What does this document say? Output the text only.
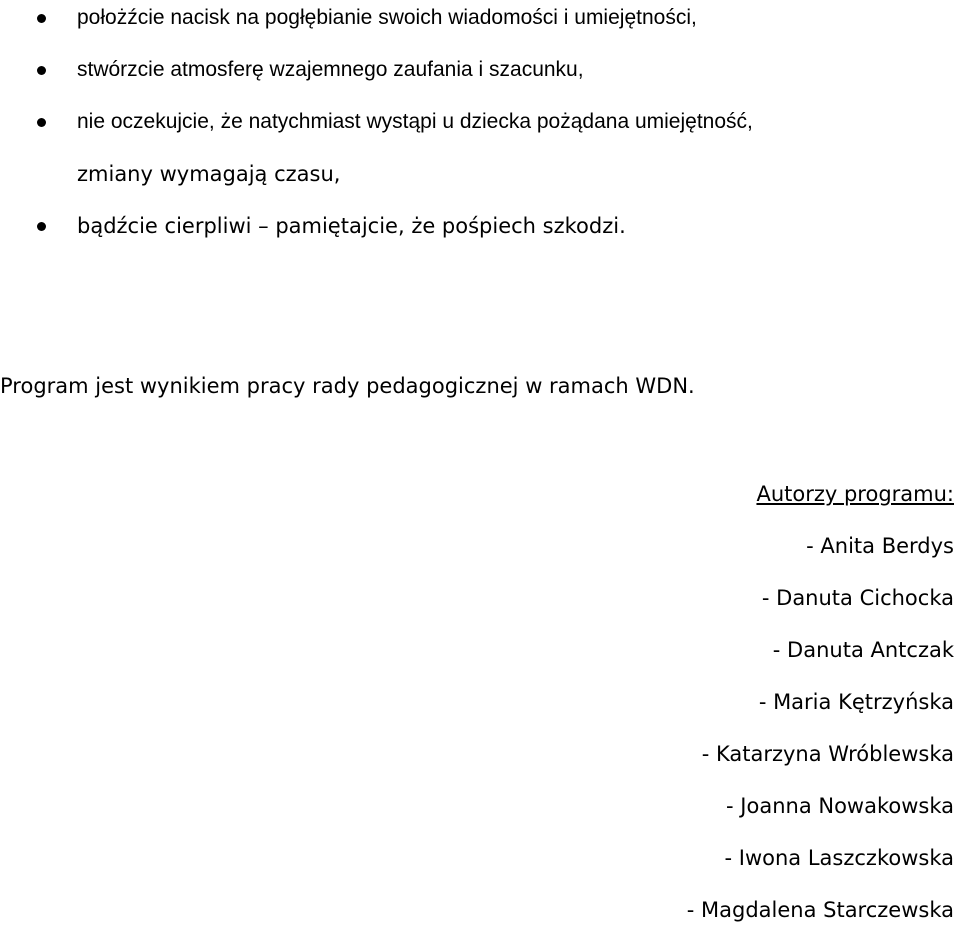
położźcie nacisk na pogłębianie swoich wiadomości i umiejętności,
stwórzcie atmosferę wzajemnego zaufania i szacunku,
nie oczekujcie, że natychmiast wystąpi u dziecka pożądana umiejętność,
zmiany wymagają czasu,
bądźcie cierpliwi – pamiętajcie, że pośpiech szkodzi.
Program jest wynikiem pracy rady pedagogicznej w ramach WDN.
Autorzy programu:
- Anita Berdys
- Danuta Cichocka
- Danuta Antczak
- Maria Kętrzyńska
- Katarzyna Wróblewska
- Joanna Nowakowska
- Iwona Laszczkowska
- Magdalena Starczewska
